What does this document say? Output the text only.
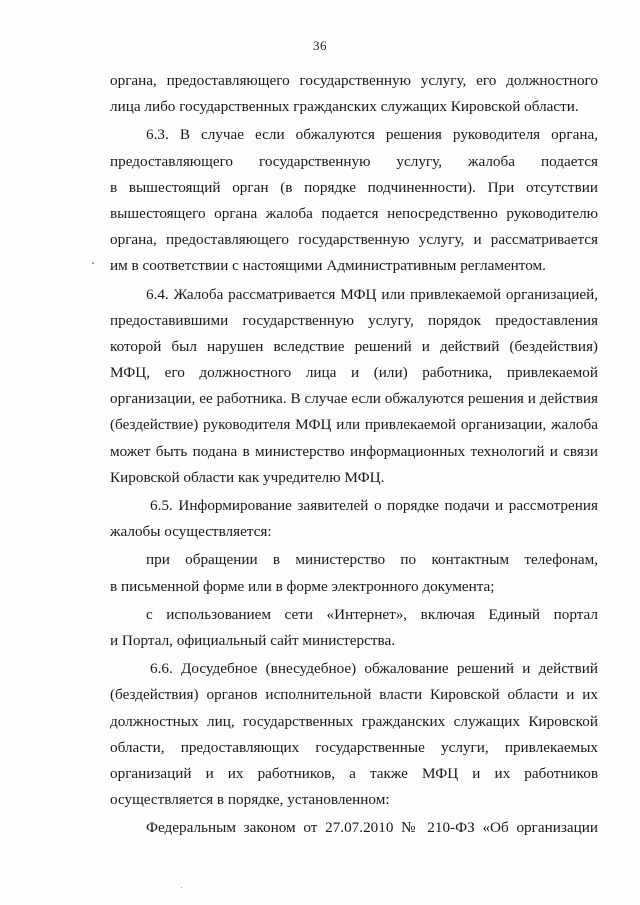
36
органа, предоставляющего государственную услугу, его должностного
лица либо государственных гражданских служащих Кировской области.
6.3. В случае если обжалуются решения руководителя органа,
предоставляющего государственную услугу, жалоба подается
в вышестоящий орган (в порядке подчиненности). При отсутствии
вышестоящего органа жалоба подается непосредственно руководителю
органа, предоставляющего государственную услугу, и рассматривается
им в соответствии с настоящими Административным регламентом.
6.4. Жалоба рассматривается МФЦ или привлекаемой организацией,
предоставившими государственную услугу, порядок предоставления
которой был нарушен вследствие решений и действий (бездействия)
МФЦ, его должностного лица и (или) работника, привлекаемой
организации, ее работника. В случае если обжалуются решения и действия
(бездействие) руководителя МФЦ или привлекаемой организации, жалоба
может быть подана в министерство информационных технологий и связи
Кировской области как учредителю МФЦ.
6.5. Информирование заявителей о порядке подачи и рассмотрения
жалобы осуществляется:
при обращении в министерство по контактным телефонам,
в письменной форме или в форме электронного документа;
с использованием сети «Интернет», включая Единый портал
и Портал, официальный сайт министерства.
6.6. Досудебное (внесудебное) обжалование решений и действий
(бездействия) органов исполнительной власти Кировской области и их
должностных лиц, государственных гражданских служащих Кировской
области, предоставляющих государственные услуги, привлекаемых
организаций и их работников, а также МФЦ и их работников
осуществляется в порядке, установленном:
Федеральным законом от 27.07.2010 № 210-ФЗ «Об организации
